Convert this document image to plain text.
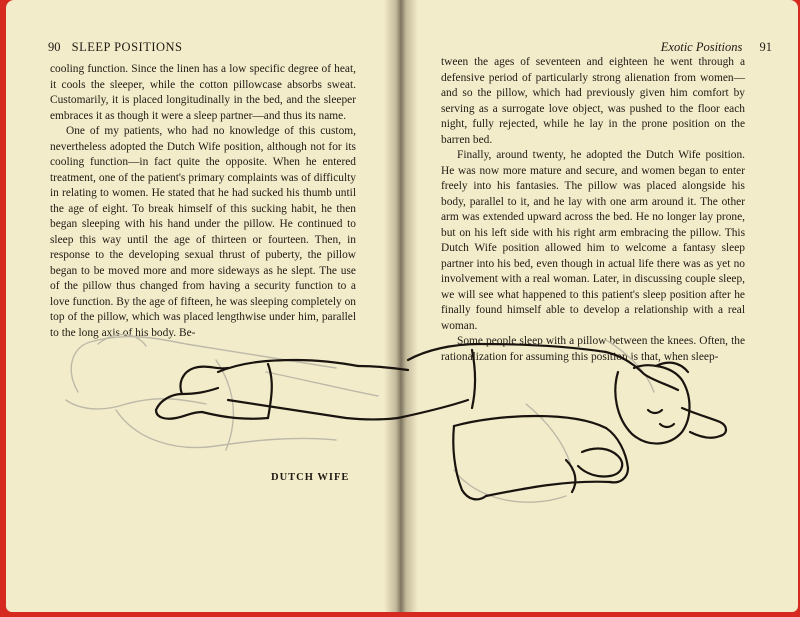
90 SLEEP POSITIONS

cooling function. Since the linen has a low specific degree of heat, it cools the sleeper, while the cotton pillowcase absorbs sweat. Customarily, it is placed longitudinally in the bed, and the sleeper embraces it as though it were a sleep partner—and thus its name.

One of my patients, who had no knowledge of this custom, nevertheless adopted the Dutch Wife position, although not for its cooling function—in fact quite the opposite. When he entered treatment, one of the patient's primary complaints was of difficulty in relating to women. He stated that he had sucked his thumb until the age of eight. To break himself of this sucking habit, he then began sleeping with his hand under the pillow. He continued to sleep this way until the age of thirteen or fourteen. Then, in response to the developing sexual thrust of puberty, the pillow began to be moved more and more sideways as he slept. The use of the pillow thus changed from having a security function to a love function. By the age of fifteen, he was sleeping completely on top of the pillow, which was placed lengthwise under him, parallel to the long axis of his body. Be-

Exotic Positions 91

tween the ages of seventeen and eighteen he went through a defensive period of particularly strong alienation from women—and so the pillow, which had previously given him comfort by serving as a surrogate love object, was pushed to the floor each night, fully rejected, while he lay in the prone position on the barren bed.

Finally, around twenty, he adopted the Dutch Wife position. He was now more mature and secure, and women began to enter freely into his fantasies. The pillow was placed alongside his body, parallel to it, and he lay with one arm around it. The other arm was extended upward across the bed. He no longer lay prone, but on his left side with his right arm embracing the pillow. This Dutch Wife position allowed him to welcome a fantasy sleep partner into his bed, even though in actual life there was as yet no involvement with a real woman. Later, in discussing couple sleep, we will see what happened to this patient's sleep position after he finally found himself able to develop a relationship with a real woman.

Some people sleep with a pillow between the knees. Often, the rationalization for assuming this position is that, when sleep-

DUTCH WIFE
